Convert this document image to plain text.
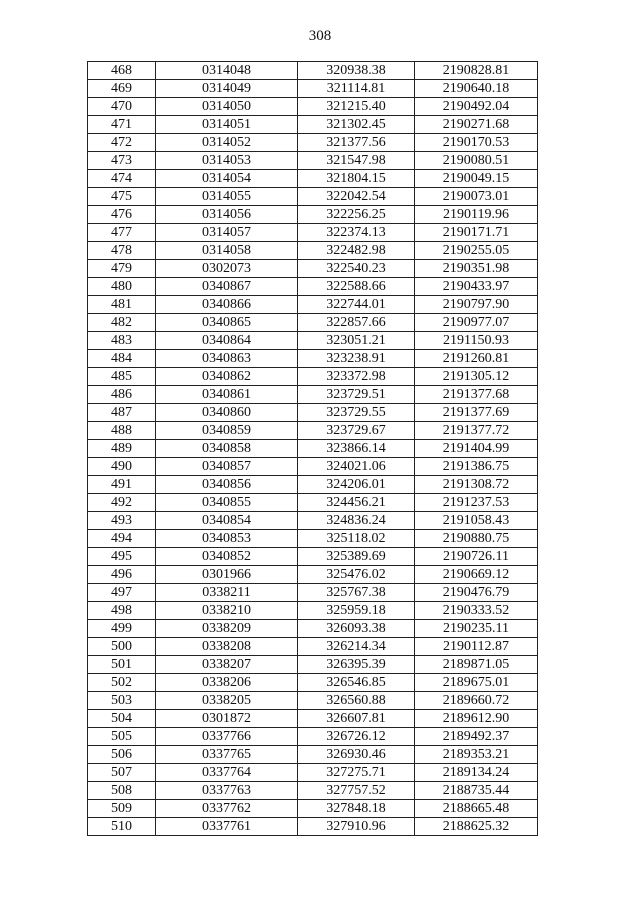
308
468	0314048	320938.38	2190828.81
469	0314049	321114.81	2190640.18
470	0314050	321215.40	2190492.04
471	0314051	321302.45	2190271.68
472	0314052	321377.56	2190170.53
473	0314053	321547.98	2190080.51
474	0314054	321804.15	2190049.15
475	0314055	322042.54	2190073.01
476	0314056	322256.25	2190119.96
477	0314057	322374.13	2190171.71
478	0314058	322482.98	2190255.05
479	0302073	322540.23	2190351.98
480	0340867	322588.66	2190433.97
481	0340866	322744.01	2190797.90
482	0340865	322857.66	2190977.07
483	0340864	323051.21	2191150.93
484	0340863	323238.91	2191260.81
485	0340862	323372.98	2191305.12
486	0340861	323729.51	2191377.68
487	0340860	323729.55	2191377.69
488	0340859	323729.67	2191377.72
489	0340858	323866.14	2191404.99
490	0340857	324021.06	2191386.75
491	0340856	324206.01	2191308.72
492	0340855	324456.21	2191237.53
493	0340854	324836.24	2191058.43
494	0340853	325118.02	2190880.75
495	0340852	325389.69	2190726.11
496	0301966	325476.02	2190669.12
497	0338211	325767.38	2190476.79
498	0338210	325959.18	2190333.52
499	0338209	326093.38	2190235.11
500	0338208	326214.34	2190112.87
501	0338207	326395.39	2189871.05
502	0338206	326546.85	2189675.01
503	0338205	326560.88	2189660.72
504	0301872	326607.81	2189612.90
505	0337766	326726.12	2189492.37
506	0337765	326930.46	2189353.21
507	0337764	327275.71	2189134.24
508	0337763	327757.52	2188735.44
509	0337762	327848.18	2188665.48
510	0337761	327910.96	2188625.32
